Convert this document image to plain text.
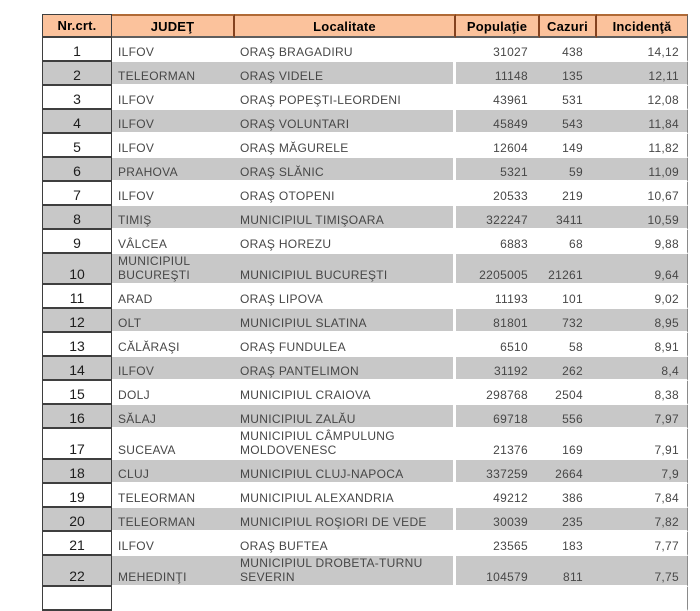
Nr.crt.	JUDEŢ	Localitate	Populaţie	Cazuri	Incidenţă
1	ILFOV	ORAŞ BRAGADIRU	31027	438	14,12
2	TELEORMAN	ORAŞ VIDELE	11148	135	12,11
3	ILFOV	ORAŞ POPEŞTI-LEORDENI	43961	531	12,08
4	ILFOV	ORAŞ VOLUNTARI	45849	543	11,84
5	ILFOV	ORAŞ MĂGURELE	12604	149	11,82
6	PRAHOVA	ORAŞ SLĂNIC	5321	59	11,09
7	ILFOV	ORAŞ OTOPENI	20533	219	10,67
8	TIMIŞ	MUNICIPIUL TIMIŞOARA	322247	3411	10,59
9	VÂLCEA	ORAŞ HOREZU	6883	68	9,88
10	MUNICIPIUL BUCUREŞTI	MUNICIPIUL BUCUREŞTI	2205005	21261	9,64
11	ARAD	ORAŞ LIPOVA	11193	101	9,02
12	OLT	MUNICIPIUL SLATINA	81801	732	8,95
13	CĂLĂRAŞI	ORAŞ FUNDULEA	6510	58	8,91
14	ILFOV	ORAŞ PANTELIMON	31192	262	8,4
15	DOLJ	MUNICIPIUL CRAIOVA	298768	2504	8,38
16	SĂLAJ	MUNICIPIUL ZALĂU	69718	556	7,97
17	SUCEAVA	MUNICIPIUL CÂMPULUNG MOLDOVENESC	21376	169	7,91
18	CLUJ	MUNICIPIUL CLUJ-NAPOCA	337259	2664	7,9
19	TELEORMAN	MUNICIPIUL ALEXANDRIA	49212	386	7,84
20	TELEORMAN	MUNICIPIUL ROŞIORI DE VEDE	30039	235	7,82
21	ILFOV	ORAŞ BUFTEA	23565	183	7,77
22	MEHEDINŢI	MUNICIPIUL DROBETA-TURNU SEVERIN	104579	811	7,75
